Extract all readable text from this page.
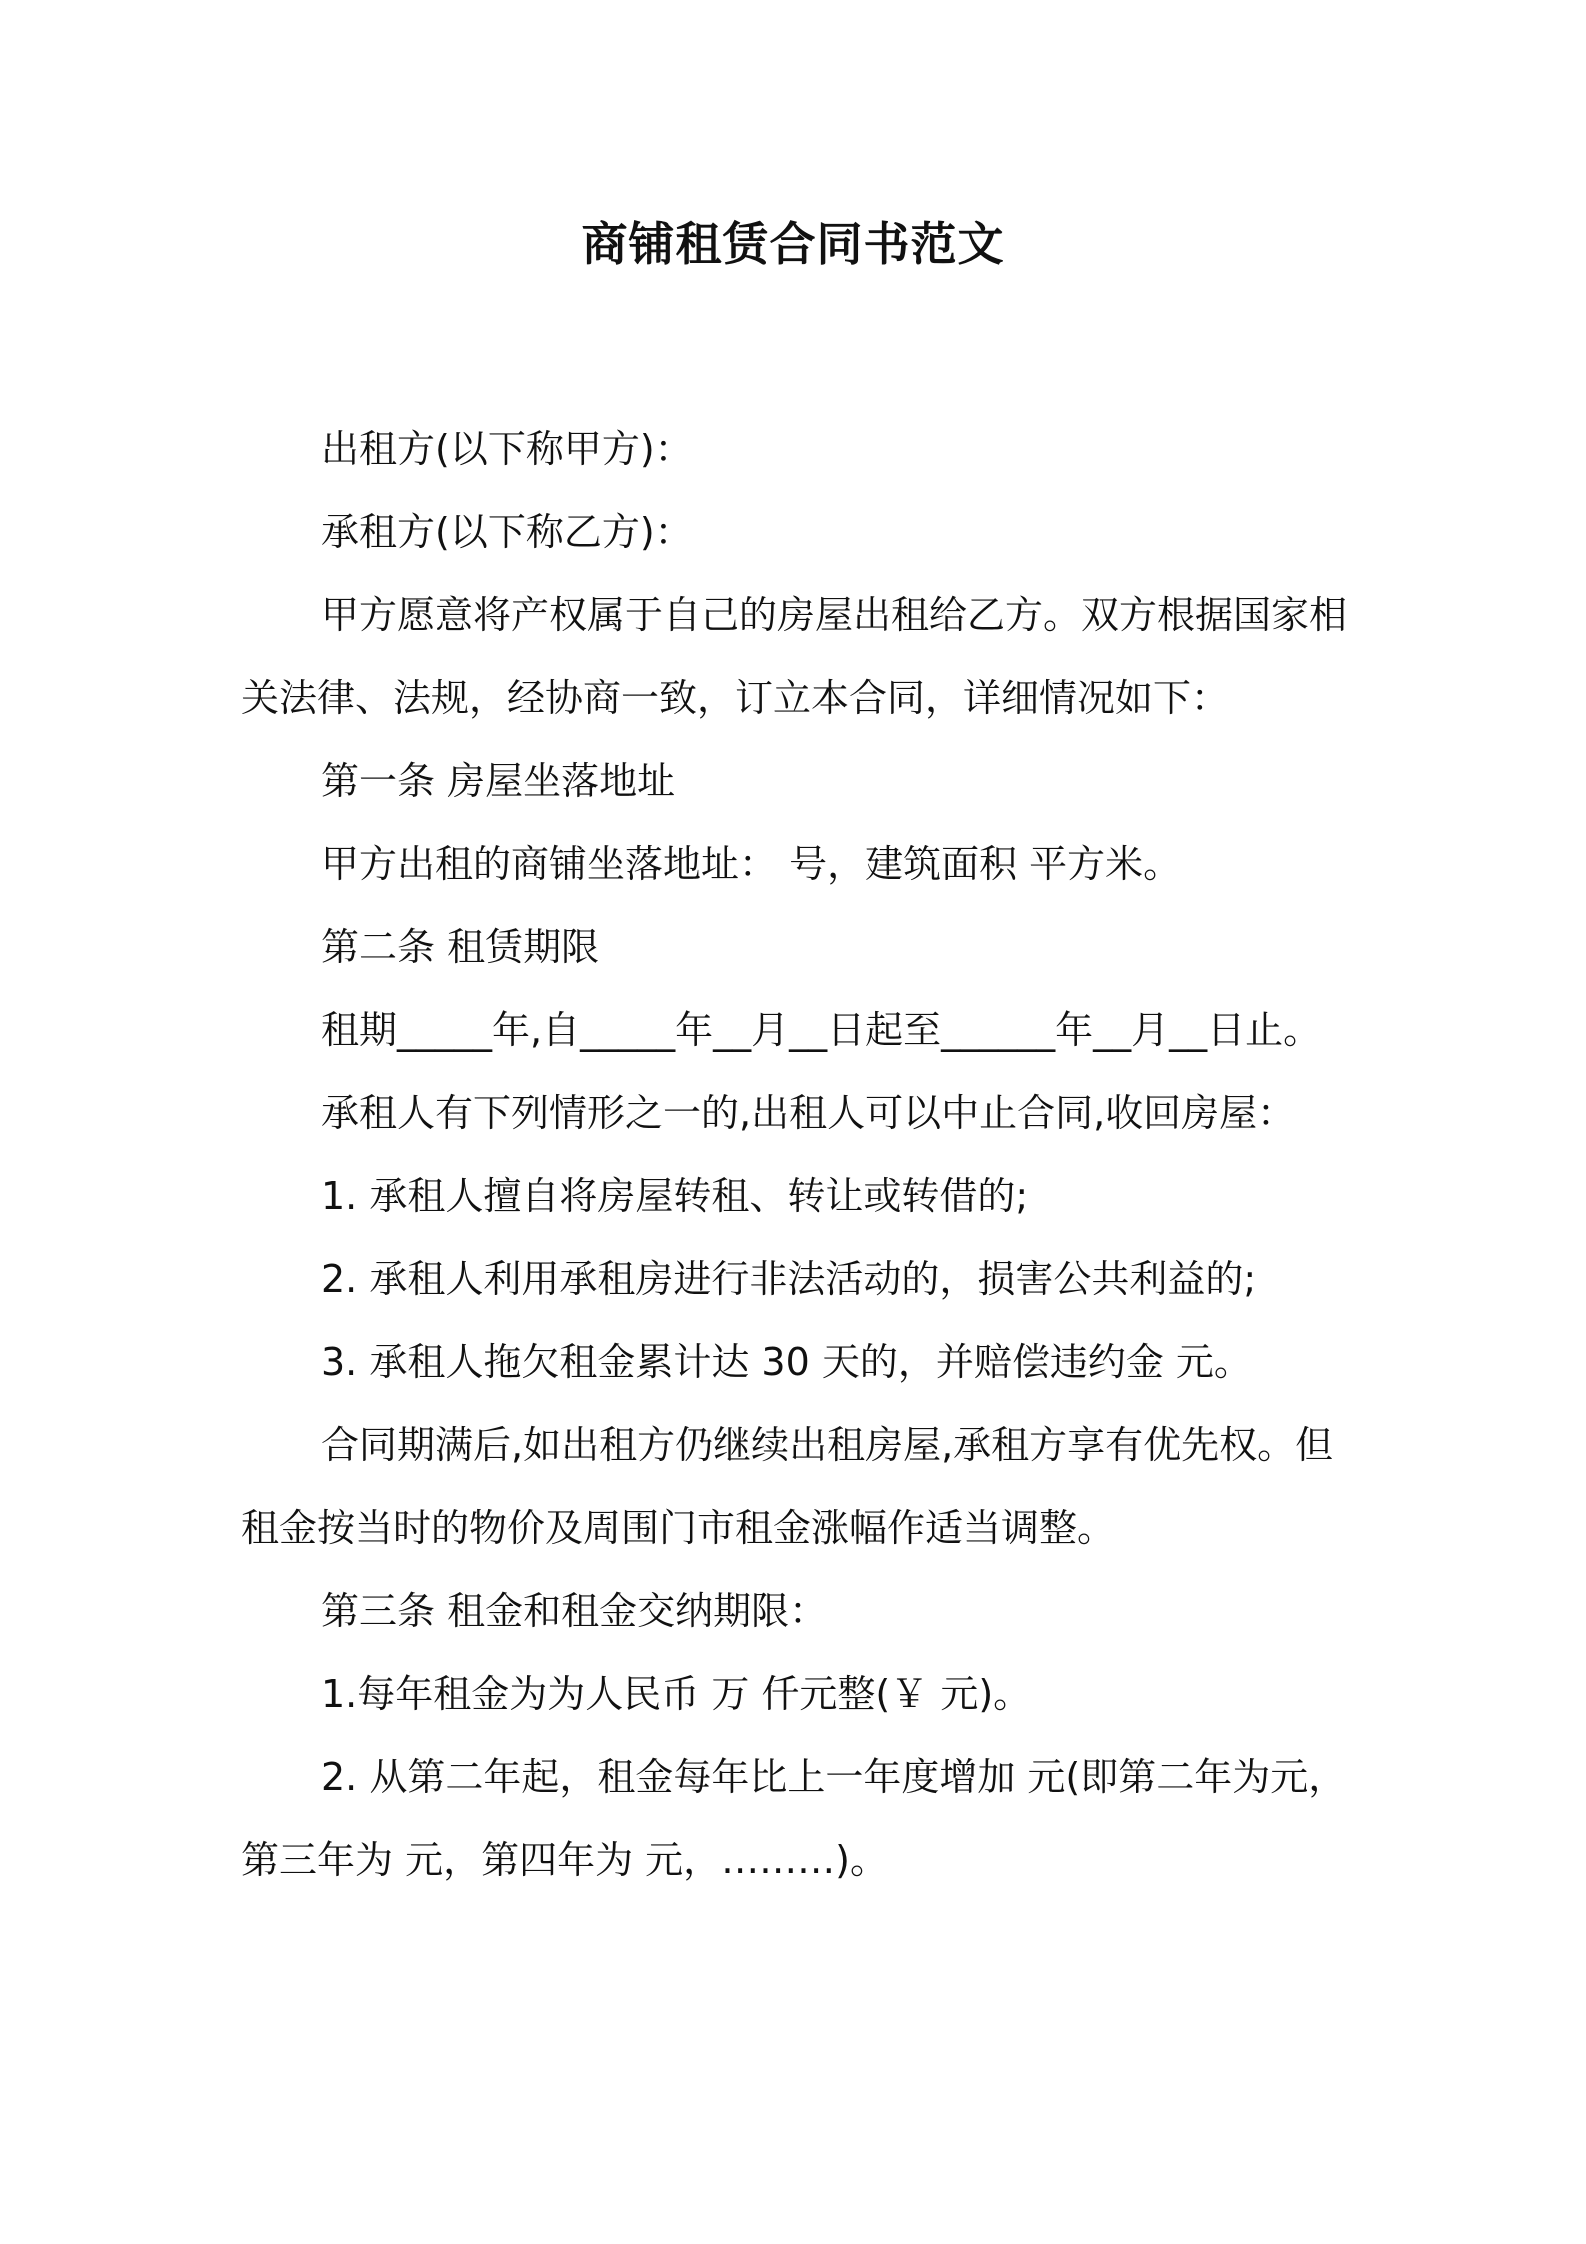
商铺租赁合同书范文

出租方(以下称甲方)：

承租方(以下称乙方)：

甲方愿意将产权属于自己的房屋出租给乙方。双方根据国家相关法律、法规，经协商一致，订立本合同，详细情况如下：

第一条 房屋坐落地址

甲方出租的商铺坐落地址： 号，建筑面积 平方米。

第二条 租赁期限

租期_____年,自_____年__月__日起至______年__月__日止。

承租人有下列情形之一的,出租人可以中止合同,收回房屋：

1. 承租人擅自将房屋转租、转让或转借的;

2. 承租人利用承租房进行非法活动的，损害公共利益的;

3. 承租人拖欠租金累计达 30 天的，并赔偿违约金 元。

合同期满后,如出租方仍继续出租房屋,承租方享有优先权。但租金按当时的物价及周围门市租金涨幅作适当调整。

第三条 租金和租金交纳期限：

1.每年租金为为人民币 万 仟元整(￥ 元)。

2. 从第二年起，租金每年比上一年度增加 元(即第二年为元，第三年为 元，第四年为 元，………)。
